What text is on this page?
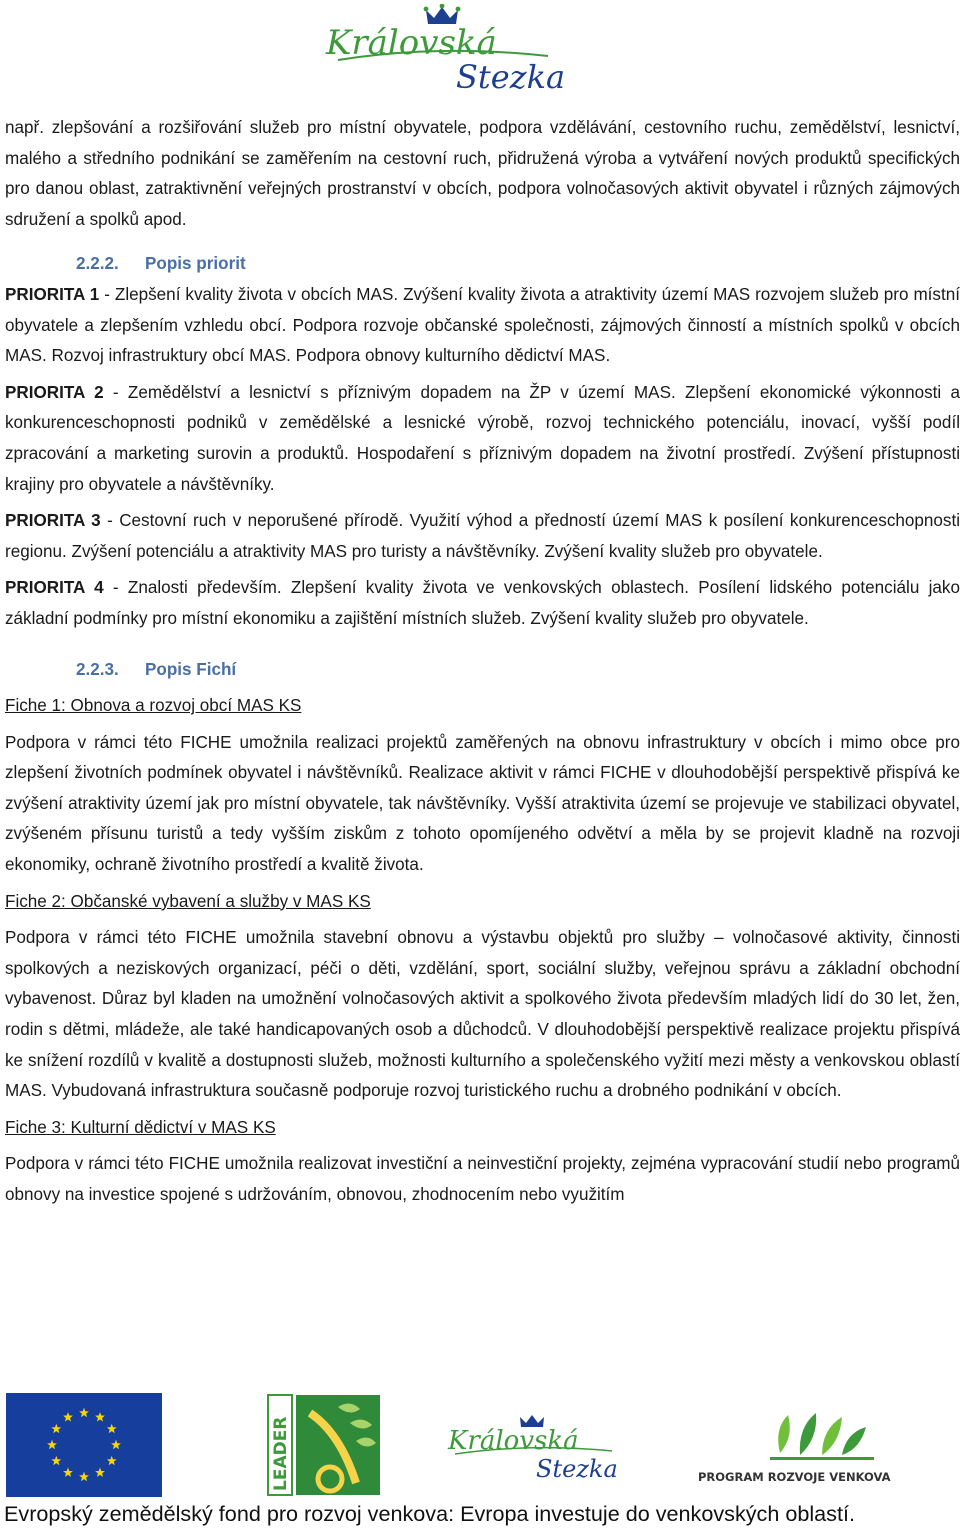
Královská
Stezka

např. zlepšování a rozšiřování služeb pro místní obyvatele, podpora vzdělávání, cestovního ruchu, zemědělství, lesnictví, malého a středního podnikání se zaměřením na cestovní ruch, přidružená výroba a vytváření nových produktů specifických pro danou oblast, zatraktivnění veřejných prostranství v obcích, podpora volnočasových aktivit obyvatel i různých zájmových sdružení a spolků apod.

2.2.2. Popis priorit

PRIORITA 1 - Zlepšení kvality života v obcích MAS. Zvýšení kvality života a atraktivity území MAS rozvojem služeb pro místní obyvatele a zlepšením vzhledu obcí. Podpora rozvoje občanské společnosti, zájmových činností a místních spolků v obcích MAS. Rozvoj infrastruktury obcí MAS. Podpora obnovy kulturního dědictví MAS.

PRIORITA 2 - Zemědělství a lesnictví s příznivým dopadem na ŽP v území MAS. Zlepšení ekonomické výkonnosti a konkurenceschopnosti podniků v zemědělské a lesnické výrobě, rozvoj technického potenciálu, inovací, vyšší podíl zpracování a marketing surovin a produktů. Hospodaření s příznivým dopadem na životní prostředí. Zvýšení přístupnosti krajiny pro obyvatele a návštěvníky.

PRIORITA 3 - Cestovní ruch v neporušené přírodě. Využití výhod a předností území MAS k posílení konkurenceschopnosti regionu. Zvýšení potenciálu a atraktivity MAS pro turisty a návštěvníky. Zvýšení kvality služeb pro obyvatele.

PRIORITA 4 - Znalosti především. Zlepšení kvality života ve venkovských oblastech. Posílení lidského potenciálu jako základní podmínky pro místní ekonomiku a zajištění místních služeb. Zvýšení kvality služeb pro obyvatele.

2.2.3. Popis Fichí

Fiche 1: Obnova a rozvoj obcí MAS KS

Podpora v rámci této FICHE umožnila realizaci projektů zaměřených na obnovu infrastruktury v obcích i mimo obce pro zlepšení životních podmínek obyvatel i návštěvníků. Realizace aktivit v rámci FICHE v dlouhodobější perspektivě přispívá ke zvýšení atraktivity území jak pro místní obyvatele, tak návštěvníky. Vyšší atraktivita území se projevuje ve stabilizaci obyvatel, zvýšeném přísunu turistů a tedy vyšším ziskům z tohoto opomíjeného odvětví a měla by se projevit kladně na rozvoji ekonomiky, ochraně životního prostředí a kvalitě života.

Fiche 2: Občanské vybavení a služby v MAS KS

Podpora v rámci této FICHE umožnila stavební obnovu a výstavbu objektů pro služby – volnočasové aktivity, činnosti spolkových a neziskových organizací, péči o děti, vzdělání, sport, sociální služby, veřejnou správu a základní obchodní vybavenost. Důraz byl kladen na umožnění volnočasových aktivit a spolkového života především mladých lidí do 30 let, žen, rodin s dětmi, mládeže, ale také handicapovaných osob a důchodců. V dlouhodobější perspektivě realizace projektu přispívá ke snížení rozdílů v kvalitě a dostupnosti služeb, možnosti kulturního a společenského vyžití mezi městy a venkovskou oblastí MAS. Vybudovaná infrastruktura současně podporuje rozvoj turistického ruchu a drobného podnikání v obcích.

Fiche 3: Kulturní dědictví v MAS KS

Podpora v rámci této FICHE umožnila realizovat investiční a neinvestiční projekty, zejména vypracování studií nebo programů obnovy na investice spojené s udržováním, obnovou, zhodnocením nebo využitím

LEADER	Královská
Stezka	PROGRAM ROZVOJE VENKOVA
Evropský zemědělský fond pro rozvoj venkova: Evropa investuje do venkovských oblastí.
